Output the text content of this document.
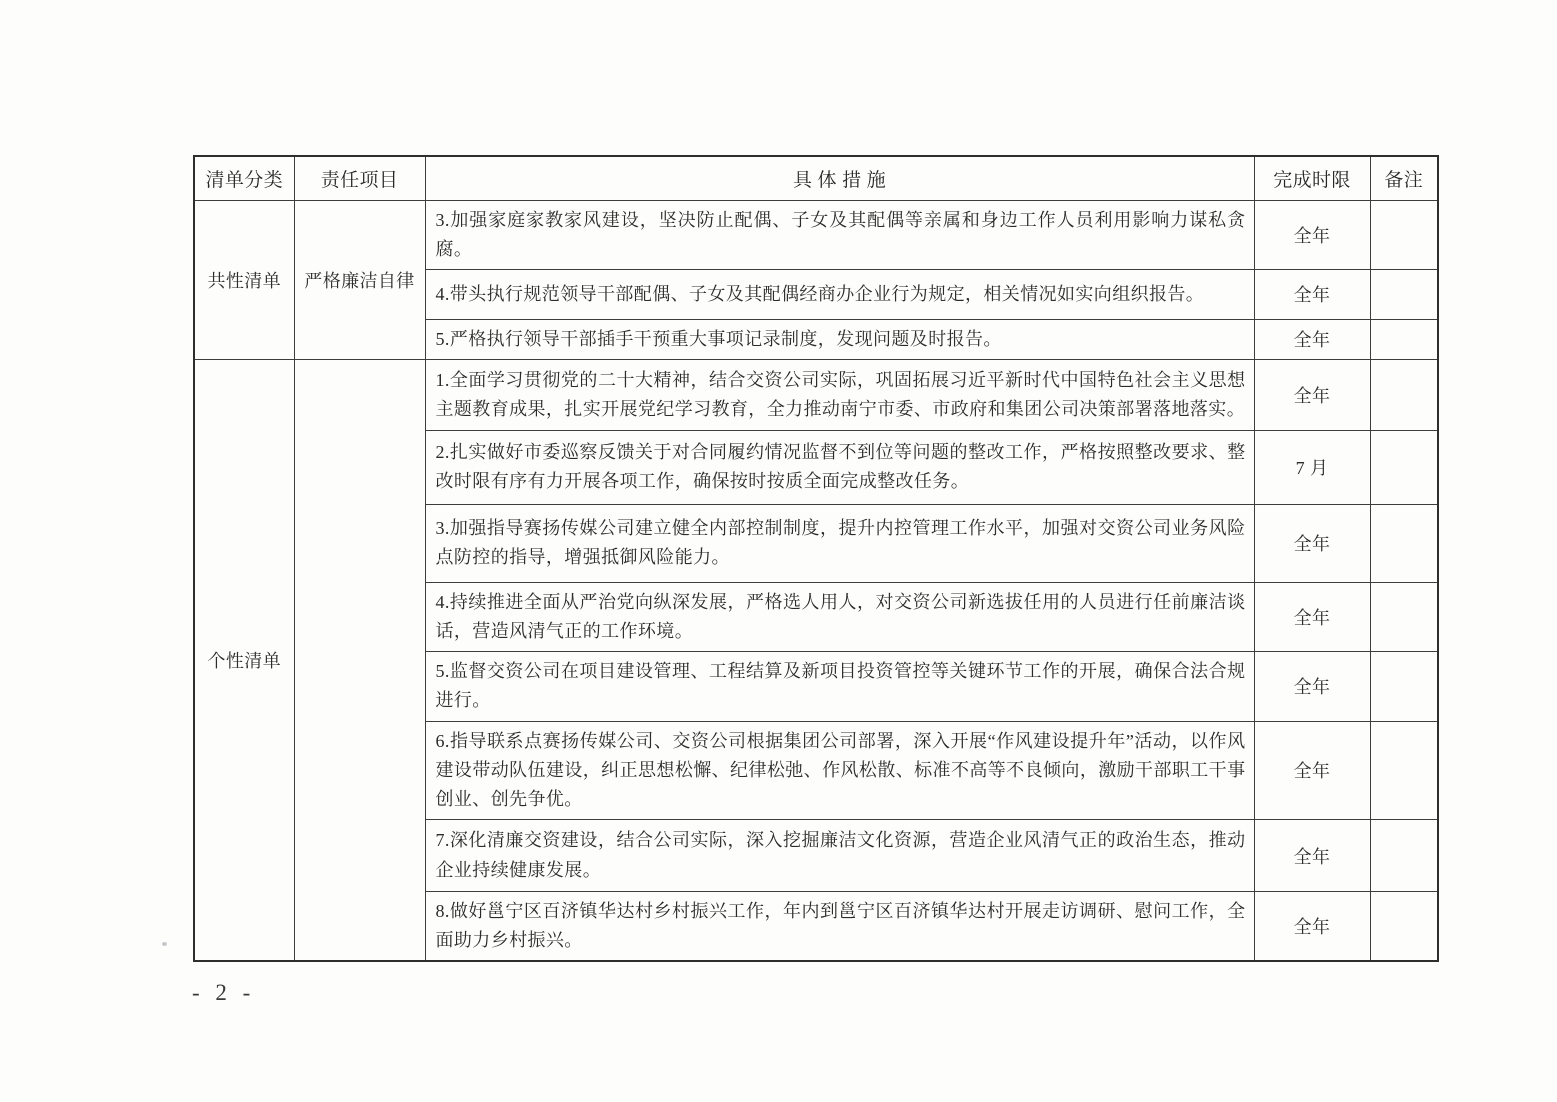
清单分类	责任项目	具 体 措 施	完成时限	备注
共性清单	严格廉洁自律	3.加强家庭家教家风建设，坚决防止配偶、子女及其配偶等亲属和身边工作人员利用影响力谋私贪腐。	全年	
		4.带头执行规范领导干部配偶、子女及其配偶经商办企业行为规定，相关情况如实向组织报告。	全年	
		5.严格执行领导干部插手干预重大事项记录制度，发现问题及时报告。	全年	
个性清单		1.全面学习贯彻党的二十大精神，结合交资公司实际，巩固拓展习近平新时代中国特色社会主义思想主题教育成果，扎实开展党纪学习教育，全力推动南宁市委、市政府和集团公司决策部署落地落实。	全年	
		2.扎实做好市委巡察反馈关于对合同履约情况监督不到位等问题的整改工作，严格按照整改要求、整改时限有序有力开展各项工作，确保按时按质全面完成整改任务。	7 月	
		3.加强指导赛扬传媒公司建立健全内部控制制度，提升内控管理工作水平，加强对交资公司业务风险点防控的指导，增强抵御风险能力。	全年	
		4.持续推进全面从严治党向纵深发展，严格选人用人，对交资公司新选拔任用的人员进行任前廉洁谈话，营造风清气正的工作环境。	全年	
		5.监督交资公司在项目建设管理、工程结算及新项目投资管控等关键环节工作的开展，确保合法合规进行。	全年	
		6.指导联系点赛扬传媒公司、交资公司根据集团公司部署，深入开展“作风建设提升年”活动，以作风建设带动队伍建设，纠正思想松懈、纪律松弛、作风松散、标准不高等不良倾向，激励干部职工干事创业、创先争优。	全年	
		7.深化清廉交资建设，结合公司实际，深入挖掘廉洁文化资源，营造企业风清气正的政治生态，推动企业持续健康发展。	全年	
		8.做好邕宁区百济镇华达村乡村振兴工作，年内到邕宁区百济镇华达村开展走访调研、慰问工作，全面助力乡村振兴。	全年	
- 2 -
